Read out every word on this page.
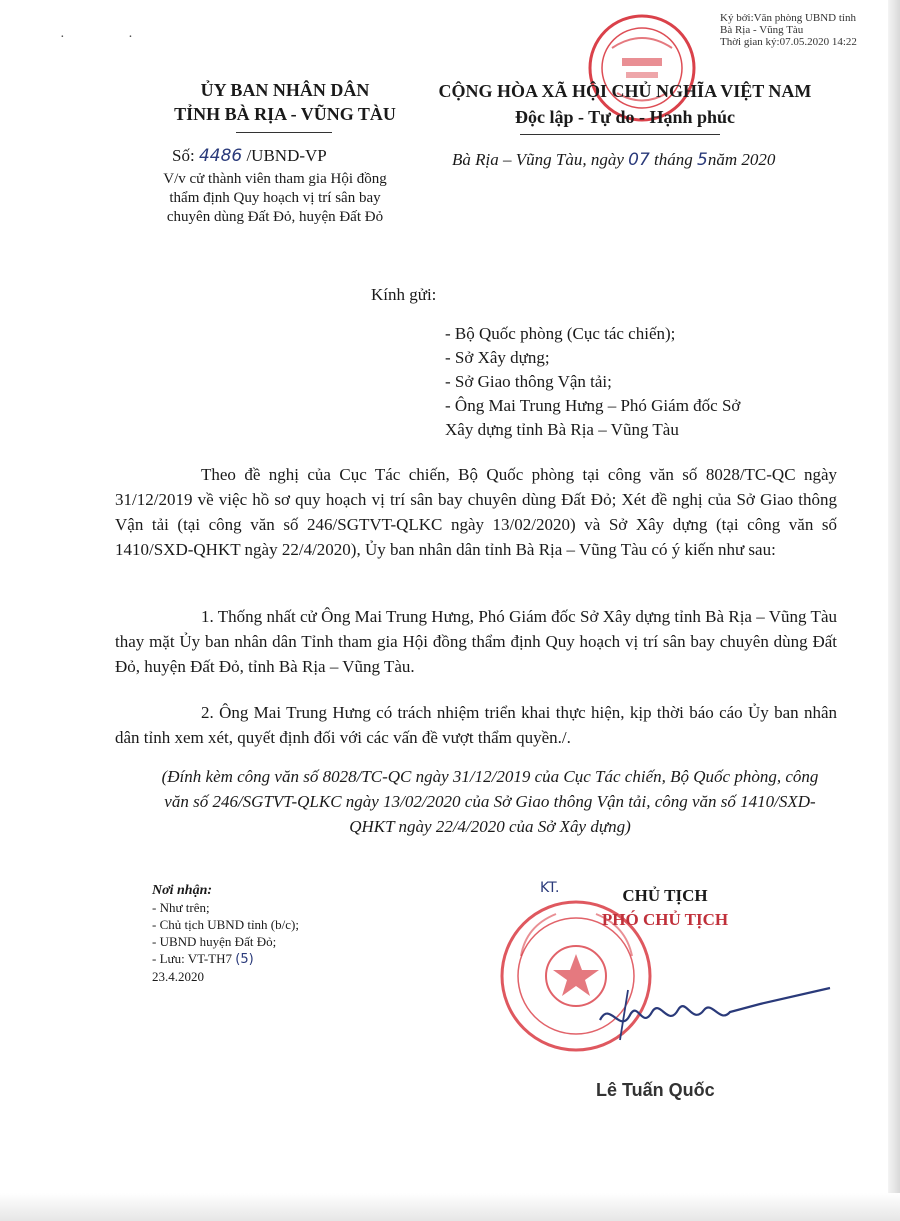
Ký bởi:Văn phòng UBND tỉnh
Bà Rịa - Vũng Tàu
Thời gian ký:07.05.2020 14:22
· ·
ỦY BAN NHÂN DÂN
TỈNH BÀ RỊA - VŨNG TÀU
CỘNG HÒA XÃ HỘI CHỦ NGHĨA VIỆT NAM
Độc lập - Tự do - Hạnh phúc
Số: 4486 /UBND-VP
V/v cử thành viên tham gia Hội đồng thẩm định Quy hoạch vị trí sân bay chuyên dùng Đất Đỏ, huyện Đất Đỏ
Bà Rịa – Vũng Tàu, ngày 07 tháng 5năm 2020
Kính gửi:
- Bộ Quốc phòng (Cục tác chiến);
- Sở Xây dựng;
- Sở Giao thông Vận tải;
- Ông Mai Trung Hưng – Phó Giám đốc Sở
Xây dựng tỉnh Bà Rịa – Vũng Tàu
Theo đề nghị của Cục Tác chiến, Bộ Quốc phòng tại công văn số 8028/TC-QC ngày 31/12/2019 về việc hồ sơ quy hoạch vị trí sân bay chuyên dùng Đất Đỏ; Xét đề nghị của Sở Giao thông Vận tải (tại công văn số 246/SGTVT-QLKC ngày 13/02/2020) và Sở Xây dựng (tại công văn số 1410/SXD-QHKT ngày 22/4/2020), Ủy ban nhân dân tỉnh Bà Rịa – Vũng Tàu có ý kiến như sau:
1. Thống nhất cử Ông Mai Trung Hưng, Phó Giám đốc Sở Xây dựng tỉnh Bà Rịa – Vũng Tàu thay mặt Ủy ban nhân dân Tỉnh tham gia Hội đồng thẩm định Quy hoạch vị trí sân bay chuyên dùng Đất Đỏ, huyện Đất Đỏ, tỉnh Bà Rịa – Vũng Tàu.
2. Ông Mai Trung Hưng có trách nhiệm triển khai thực hiện, kịp thời báo cáo Ủy ban nhân dân tỉnh xem xét, quyết định đối với các vấn đề vượt thẩm quyền./.
(Đính kèm công văn số 8028/TC-QC ngày 31/12/2019 của Cục Tác chiến, Bộ Quốc phòng, công văn số 246/SGTVT-QLKC ngày 13/02/2020 của Sở Giao thông Vận tải, công văn số 1410/SXD-QHKT ngày 22/4/2020 của Sở Xây dựng)
Nơi nhận:
- Như trên;
- Chủ tịch UBND tỉnh (b/c);
- UBND huyện Đất Đỏ;
- Lưu: VT-TH7 (5)
23.4.2020
KT.	CHỦ TỊCH
PHÓ CHỦ TỊCH
Lê Tuấn Quốc
